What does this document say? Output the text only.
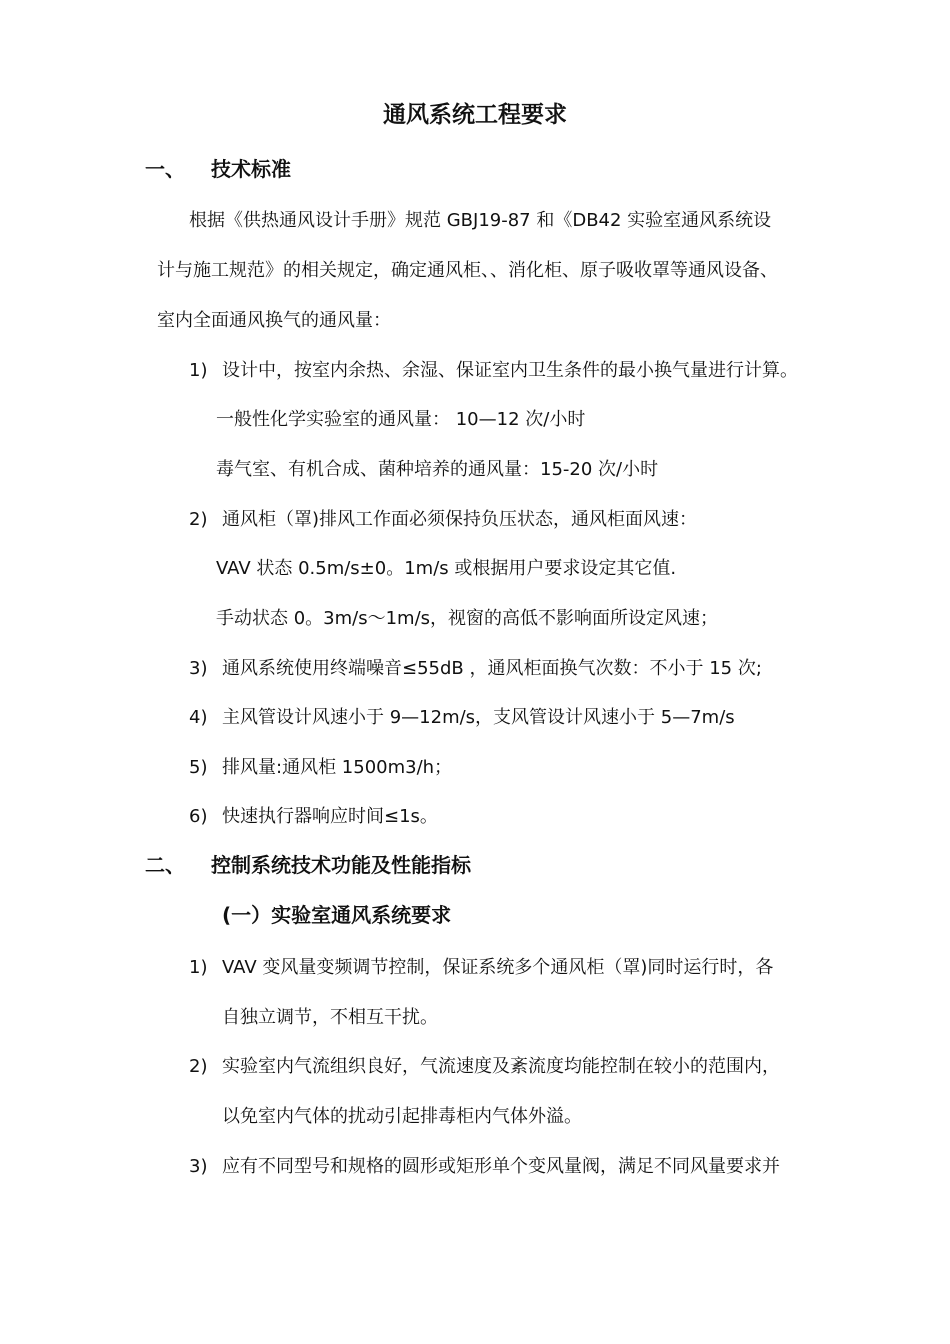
通风系统工程要求
一、 技术标准
根据《供热通风设计手册》规范 GBJ19-87 和《DB42 实验室通风系统设
计与施工规范》的相关规定，确定通风柜、、消化柜、原子吸收罩等通风设备、
室内全面通风换气的通风量：
1) 设计中，按室内余热、余湿、保证室内卫生条件的最小换气量进行计算。
一般性化学实验室的通风量： 10—12 次/小时
毒气室、有机合成、菌种培养的通风量：15-20 次/小时
2) 通风柜（罩)排风工作面必须保持负压状态，通风柜面风速：
VAV 状态 0.5m/s±0。1m/s 或根据用户要求设定其它值.
手动状态 0。3m/s～1m/s，视窗的高低不影响面所设定风速；
3) 通风系统使用终端噪音≤55dB ，通风柜面换气次数：不小于 15 次;
4) 主风管设计风速小于 9—12m/s，支风管设计风速小于 5—7m/s
5) 排风量:通风柜 1500m3/h；
6) 快速执行器响应时间≤1s。
二、 控制系统技术功能及性能指标
(一）实验室通风系统要求
1) VAV 变风量变频调节控制，保证系统多个通风柜（罩)同时运行时，各
自独立调节，不相互干扰。
2) 实验室内气流组织良好，气流速度及紊流度均能控制在较小的范围内，
以免室内气体的扰动引起排毒柜内气体外溢。
3) 应有不同型号和规格的圆形或矩形单个变风量阀，满足不同风量要求并
